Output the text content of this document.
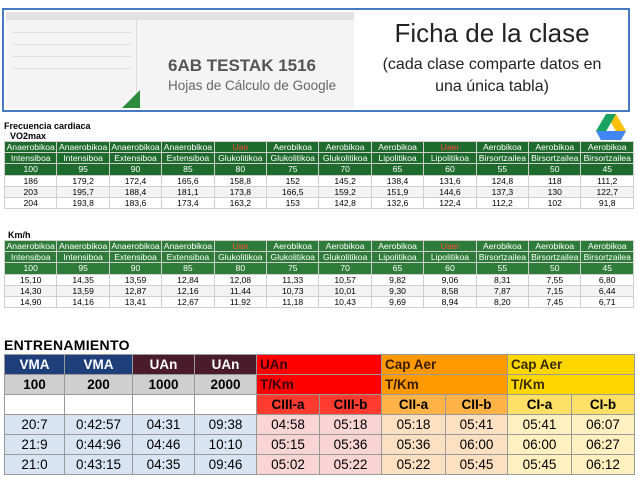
6AB TESTAK 1516
Hojas de Cálculo de Google
Ficha de la clase
(cada clase comparte datos en
una única tabla)
Frecuencia cardiaca
VO2max
Anaerobikoa	Anaerobikoa	Anaerobikoa	Anaerobikoa	Uan	Aerobikoa	Aerobikoa	Aerobikoa	Uaer	Aerobikoa	Aerobikoa	Aerobikoa
Intensiboa	Intensiboa	Extensiboa	Extensiboa	Glukolitikoa	Glukolitikoa	Glukolitikoa	Lipolitikoa	Lipolitikoa	Birsortzailea	Birsortzailea	Birsortzailea
100	95	90	85	80	75	70	65	60	55	50	45
186	179,2	172,4	165,6	158,8	152	145,2	138,4	131,6	124,8	118	111,2
203	195,7	188,4	181,1	173,8	166,5	159,2	151,9	144,6	137,3	130	122,7
204	193,8	183,6	173,4	163,2	153	142,8	132,6	122,4	112,2	102	91,8
Km/h
Anaerobikoa	Anaerobikoa	Anaerobikoa	Anaerobikoa	Uan	Aerobikoa	Aerobikoa	Aerobikoa	Uaer	Aerobikoa	Aerobikoa	Aerobikoa
Intensiboa	Intensiboa	Extensiboa	Extensiboa	Glukolitikoa	Glukolitikoa	Glukolitikoa	Lipolitikoa	Lipolitikoa	Birsortzailea	Birsortzailea	Birsortzailea
100	95	90	85	80	75	70	65	60	55	50	45
15,10	14,35	13,59	12,84	12,08	11,33	10,57	9,82	9,06	8,31	7,55	6,80
14,30	13,59	12,87	12,16	11,44	10,73	10,01	9,30	8,58	7,87	7,15	6,44
14,90	14,16	13,41	12,67	11,92	11,18	10,43	9,69	8,94	8,20	7,45	6,71
ENTRENAMIENTO
VMA	VMA	UAn	UAn	UAn		Cap Aer		Cap Aer	
100	200	1000	2000	T/Km		T/Km		T/Km	
				CIII-a	CIII-b	CII-a	CII-b	CI-a	CI-b
20:7	0:42:57	04:31	09:38	04:58	05:18	05:18	05:41	05:41	06:07
21:9	0:44:96	04:46	10:10	05:15	05:36	05:36	06:00	06:00	06:27
21:0	0:43:15	04:35	09:46	05:02	05:22	05:22	05:45	05:45	06:12
